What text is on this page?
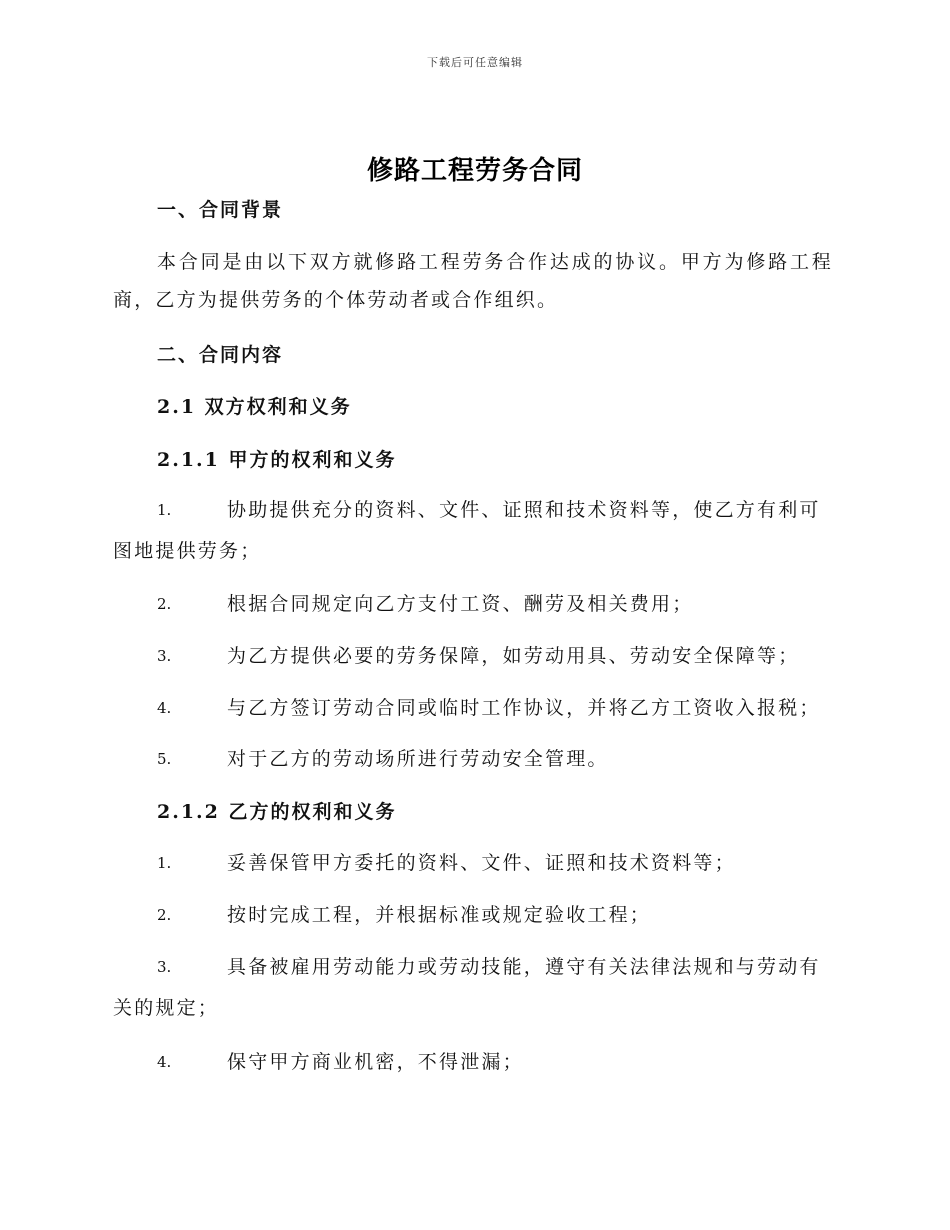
下载后可任意编辑
修路工程劳务合同
一、合同背景

本合同是由以下双方就修路工程劳务合作达成的协议。甲方为修路工程商，乙方为提供劳务的个体劳动者或合作组织。

二、合同内容
2.1 双方权利和义务
2.1.1 甲方的权利和义务
1.	协助提供充分的资料、文件、证照和技术资料等，使乙方有利可图地提供劳务；
2.	根据合同规定向乙方支付工资、酬劳及相关费用；
3.	为乙方提供必要的劳务保障，如劳动用具、劳动安全保障等；
4.	与乙方签订劳动合同或临时工作协议，并将乙方工资收入报税；
5.	对于乙方的劳动场所进行劳动安全管理。
2.1.2 乙方的权利和义务
1.	妥善保管甲方委托的资料、文件、证照和技术资料等；
2.	按时完成工程，并根据标准或规定验收工程；
3.	具备被雇用劳动能力或劳动技能，遵守有关法律法规和与劳动有关的规定；
4.	保守甲方商业机密，不得泄漏；
